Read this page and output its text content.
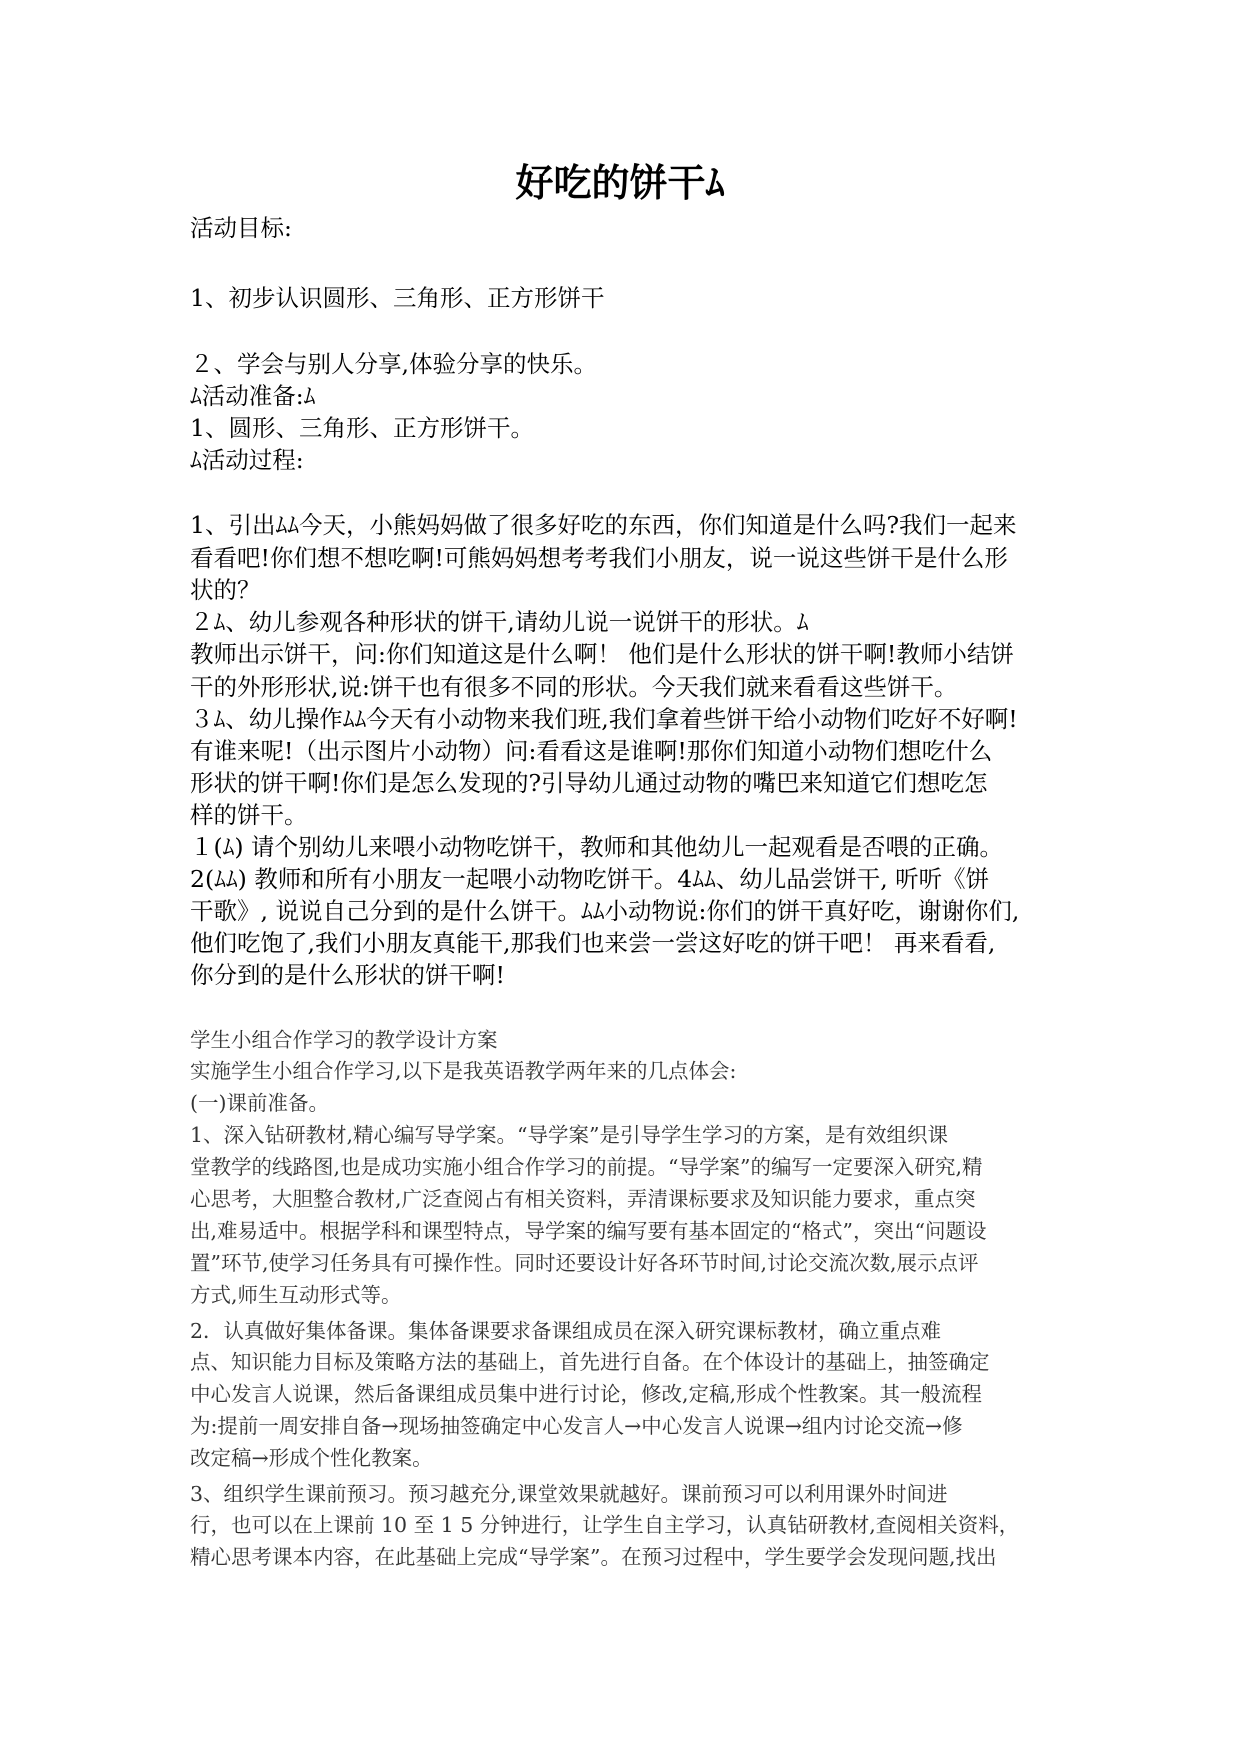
好吃的饼干ﾑ
活动目标:
1、初步认识圆形、三角形、正方形饼干
２、学会与别人分享,体验分享的快乐。
ﾑ活动准备:ﾑ
1、圆形、三角形、正方形饼干。
ﾑ活动过程:
1、引出ﾑﾑ今天，小熊妈妈做了很多好吃的东西，你们知道是什么吗?我们一起来
看看吧!你们想不想吃啊!可熊妈妈想考考我们小朋友，说一说这些饼干是什么形
状的？
２ﾑ、幼儿参观各种形状的饼干,请幼儿说一说饼干的形状。ﾑ
教师出示饼干，问:你们知道这是什么啊！ 他们是什么形状的饼干啊!教师小结饼
干的外形形状,说:饼干也有很多不同的形状。今天我们就来看看这些饼干。
３ﾑ、幼儿操作ﾑﾑ今天有小动物来我们班,我们拿着些饼干给小动物们吃好不好啊!
有谁来呢!（出示图片小动物）问:看看这是谁啊!那你们知道小动物们想吃什么
形状的饼干啊!你们是怎么发现的?引导幼儿通过动物的嘴巴来知道它们想吃怎
样的饼干。
１(ﾑ) 请个别幼儿来喂小动物吃饼干，教师和其他幼儿一起观看是否喂的正确。
2(ﾑﾑ) 教师和所有小朋友一起喂小动物吃饼干。4ﾑﾑ、幼儿品尝饼干, 听听《饼
干歌》, 说说自己分到的是什么饼干。ﾑﾑ小动物说:你们的饼干真好吃，谢谢你们,
他们吃饱了,我们小朋友真能干,那我们也来尝一尝这好吃的饼干吧！ 再来看看,
你分到的是什么形状的饼干啊!
学生小组合作学习的教学设计方案
实施学生小组合作学习,以下是我英语教学两年来的几点体会:
(一)课前准备。
1、深入钻研教材,精心编写导学案。“导学案”是引导学生学习的方案，是有效组织课
堂教学的线路图,也是成功实施小组合作学习的前提。“导学案”的编写一定要深入研究,精
心思考，大胆整合教材,广泛查阅占有相关资料，弄清课标要求及知识能力要求，重点突
出,难易适中。根据学科和课型特点，导学案的编写要有基本固定的“格式”，突出“问题设
置”环节,使学习任务具有可操作性。同时还要设计好各环节时间,讨论交流次数,展示点评
方式,师生互动形式等。
2．认真做好集体备课。集体备课要求备课组成员在深入研究课标教材，确立重点难
点、知识能力目标及策略方法的基础上，首先进行自备。在个体设计的基础上，抽签确定
中心发言人说课，然后备课组成员集中进行讨论，修改,定稿,形成个性教案。其一般流程
为:提前一周安排自备→现场抽签确定中心发言人→中心发言人说课→组内讨论交流→修
改定稿→形成个性化教案。
3、组织学生课前预习。预习越充分,课堂效果就越好。课前预习可以利用课外时间进
行，也可以在上课前 10 至 1 5 分钟进行，让学生自主学习，认真钻研教材,查阅相关资料，
精心思考课本内容，在此基础上完成“导学案”。在预习过程中，学生要学会发现问题,找出
